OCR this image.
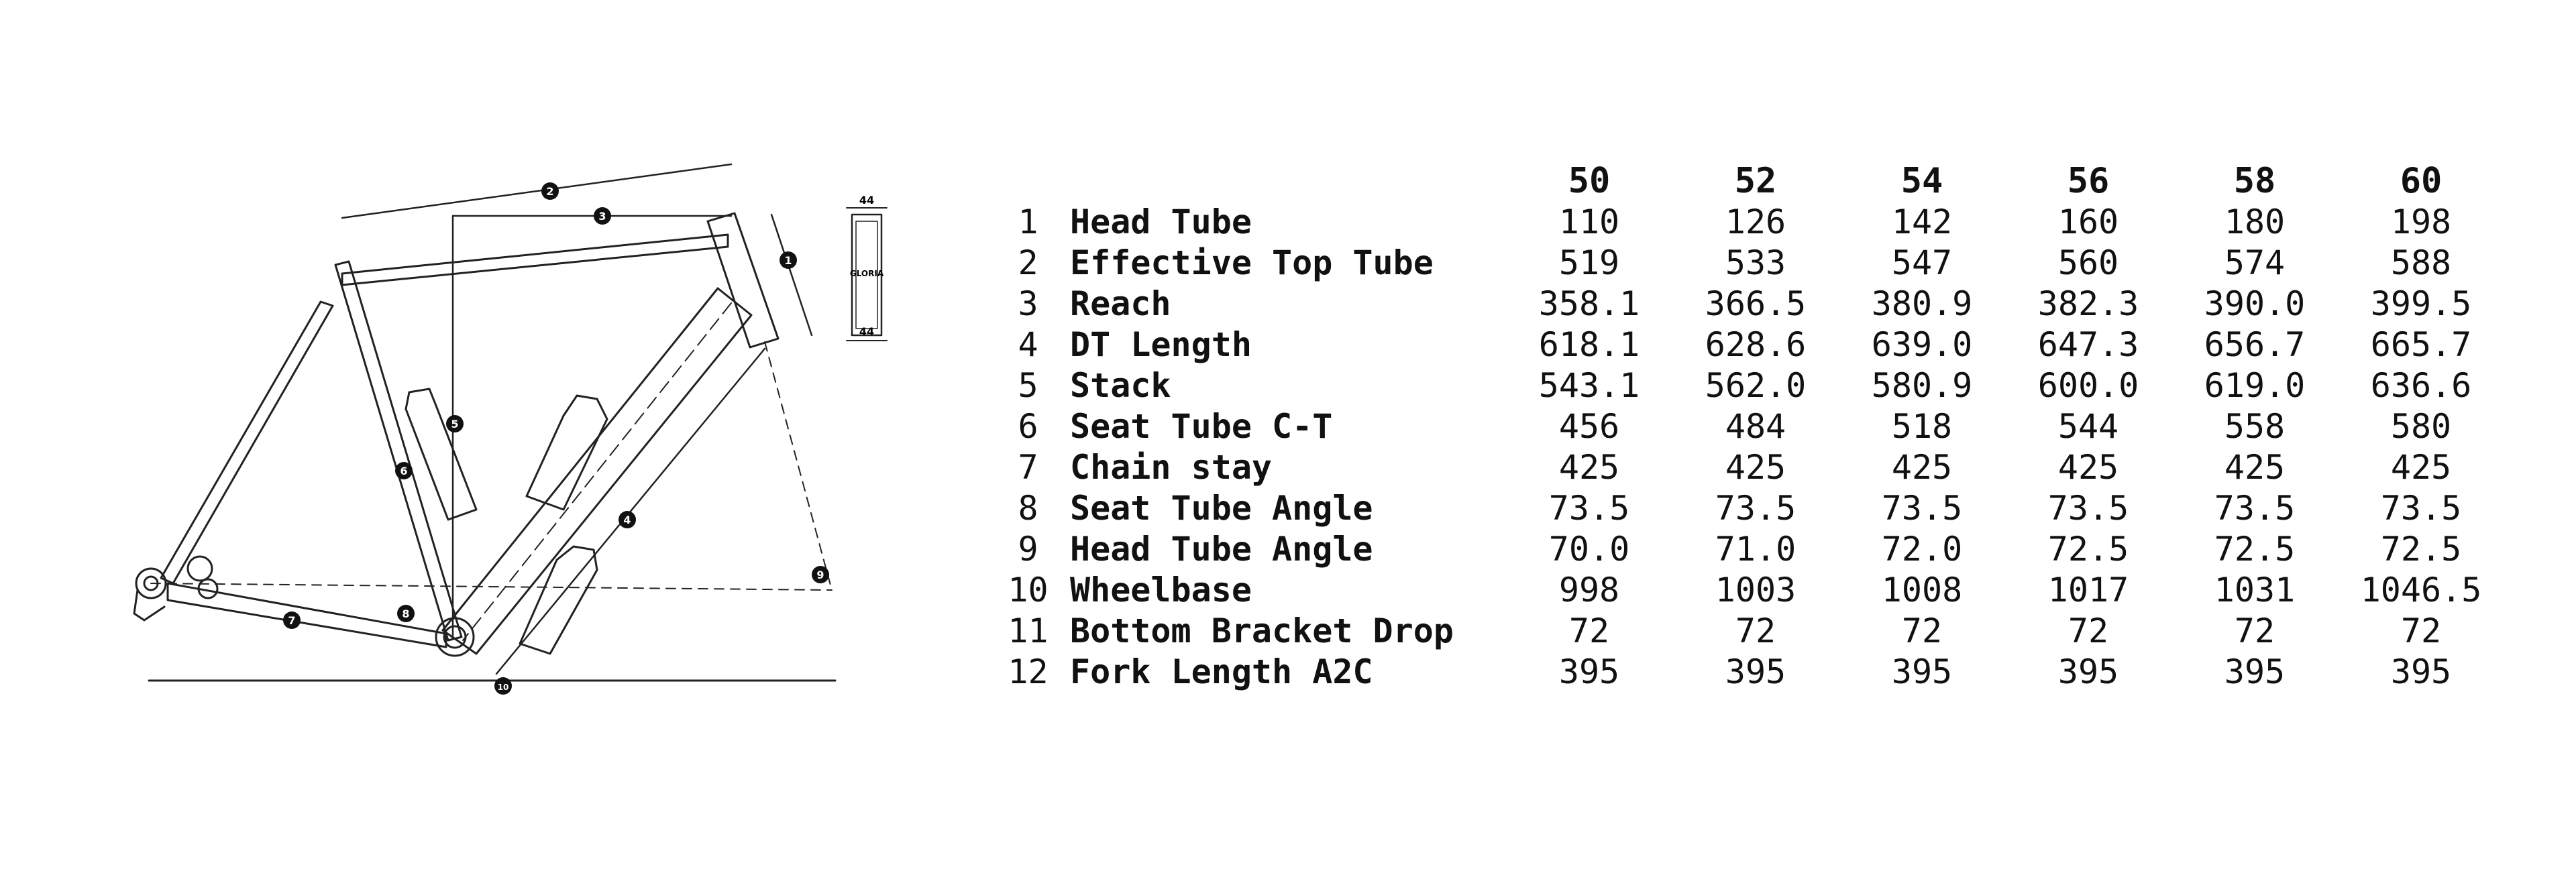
44
44
GLORIA
1
2
3
4
5
6
7
8
9
10
		50	52	54	56	58	60
1	Head Tube	110	126	142	160	180	198
2	Effective Top Tube	519	533	547	560	574	588
3	Reach	358.1	366.5	380.9	382.3	390.0	399.5
4	DT Length	618.1	628.6	639.0	647.3	656.7	665.7
5	Stack	543.1	562.0	580.9	600.0	619.0	636.6
6	Seat Tube C-T	456	484	518	544	558	580
7	Chain stay	425	425	425	425	425	425
8	Seat Tube Angle	73.5	73.5	73.5	73.5	73.5	73.5
9	Head Tube Angle	70.0	71.0	72.0	72.5	72.5	72.5
10	Wheelbase	998	1003	1008	1017	1031	1046.5
11	Bottom Bracket Drop	72	72	72	72	72	72
12	Fork Length A2C	395	395	395	395	395	395
